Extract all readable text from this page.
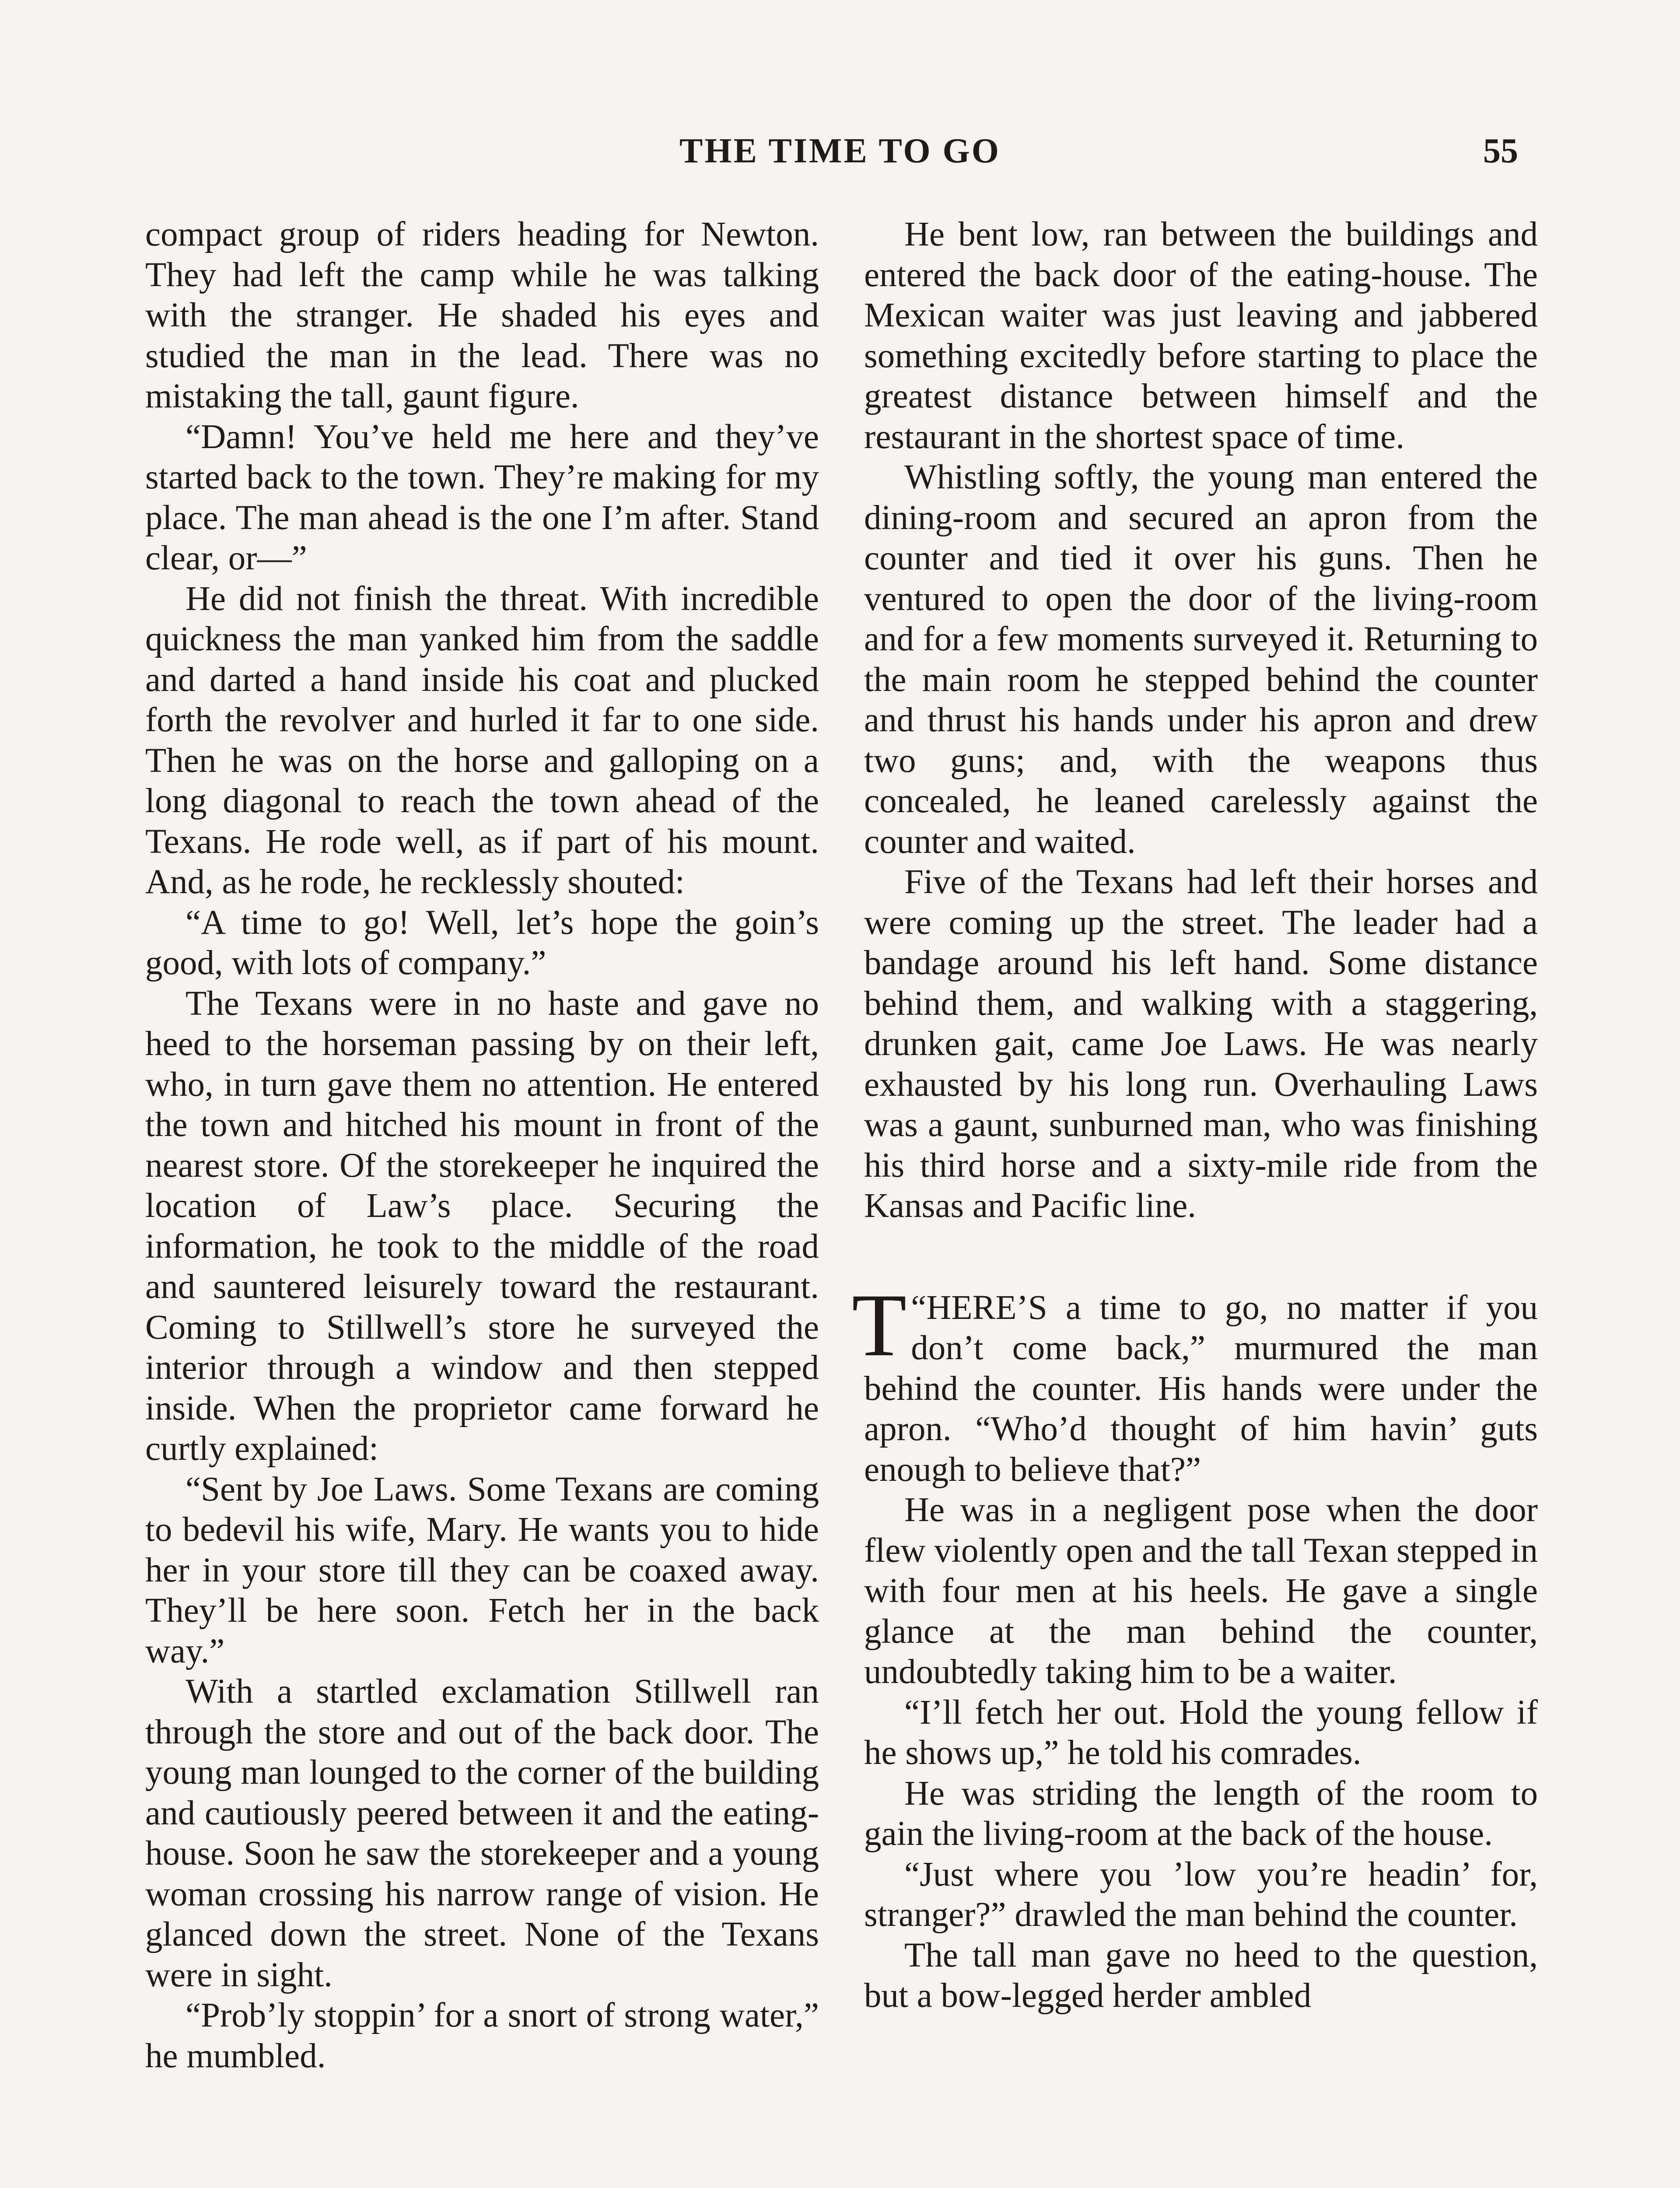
THE TIME TO GO	55

compact group of riders heading for Newton. They had left the camp while he was talking with the stranger. He shaded his eyes and studied the man in the lead. There was no mistaking the tall, gaunt figure.

“Damn! You’ve held me here and they’ve started back to the town. They’re making for my place. The man ahead is the one I’m after. Stand clear, or—”

He did not finish the threat. With incredible quickness the man yanked him from the saddle and darted a hand inside his coat and plucked forth the revolver and hurled it far to one side. Then he was on the horse and galloping on a long diagonal to reach the town ahead of the Texans. He rode well, as if part of his mount. And, as he rode, he recklessly shouted:

“A time to go! Well, let’s hope the goin’s good, with lots of company.”

The Texans were in no haste and gave no heed to the horseman passing by on their left, who, in turn gave them no attention. He entered the town and hitched his mount in front of the nearest store. Of the storekeeper he inquired the location of Law’s place. Securing the information, he took to the middle of the road and sauntered leisurely toward the restaurant. Coming to Stillwell’s store he surveyed the interior through a window and then stepped inside. When the proprietor came forward he curtly explained:

“Sent by Joe Laws. Some Texans are coming to bedevil his wife, Mary. He wants you to hide her in your store till they can be coaxed away. They’ll be here soon. Fetch her in the back way.”

With a startled exclamation Stillwell ran through the store and out of the back door. The young man lounged to the corner of the building and cautiously peered between it and the eating-house. Soon he saw the storekeeper and a young woman crossing his narrow range of vision. He glanced down the street. None of the Texans were in sight.

“Prob’ly stoppin’ for a snort of strong water,” he mumbled.

He bent low, ran between the buildings and entered the back door of the eating-house. The Mexican waiter was just leaving and jabbered something excitedly before starting to place the greatest distance between himself and the restaurant in the shortest space of time.

Whistling softly, the young man entered the dining-room and secured an apron from the counter and tied it over his guns. Then he ventured to open the door of the living-room and for a few moments surveyed it. Returning to the main room he stepped behind the counter and thrust his hands under his apron and drew two guns; and, with the weapons thus concealed, he leaned carelessly against the counter and waited.

Five of the Texans had left their horses and were coming up the street. The leader had a bandage around his left hand. Some distance behind them, and walking with a staggering, drunken gait, came Joe Laws. He was nearly exhausted by his long run. Overhauling Laws was a gaunt, sunburned man, who was finishing his third horse and a sixty-mile ride from the Kansas and Pacific line.

“
T HERE’S a time to go, no matter if you don’t come back,” murmured the man behind the counter. His hands were under the apron. “Who’d thought of him havin’ guts enough to believe that?”

He was in a negligent pose when the door flew violently open and the tall Texan stepped in with four men at his heels. He gave a single glance at the man behind the counter, undoubtedly taking him to be a waiter.

“I’ll fetch her out. Hold the young fellow if he shows up,” he told his comrades.

He was striding the length of the room to gain the living-room at the back of the house.

“Just where you ’low you’re headin’ for, stranger?” drawled the man behind the counter.

The tall man gave no heed to the question, but a bow-legged herder ambled
